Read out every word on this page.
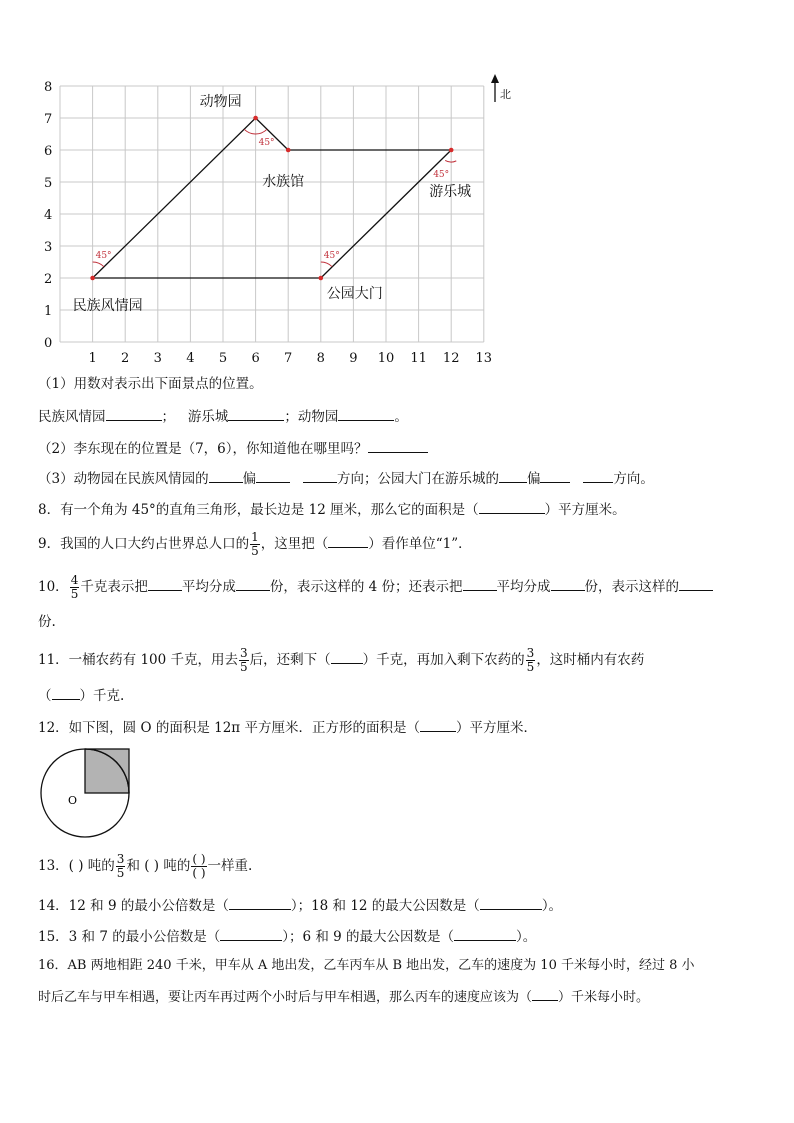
0
1
2
3
4
5
6
7
8
1 2 3 4 5 6 7 8 9 10 11 12 13
北
45°	45°
45°
45°
民族风情园
动物园
水族馆
游乐城
公园大门
（1）用数对表示出下面景点的位置。
民族风情园	； 游乐城	；动物园	。
（2）李东现在的位置是（7，6），你知道他在哪里吗？
（3）动物园在民族风情园的	偏	方向；公园大门在游乐城的 偏	方向。
8．有一个角为 45°的直角三角形，最长边是 12 厘米，那么它的面积是（	）平方厘米。
9．我国的人口大约占世界总人口的 $\frac{1}{5}$ ，这里把（	）看作单位“1”．
10． $\frac{4}{5}$ 千克表示把	平均分成	份，表示这样的 4 份；还表示把	平均分成	份，表示这样的
份.
11．一桶农药有 100 千克，用去 $\frac{3}{5}$ 后，还剩下（ ）千克，再加入剩下农药的 $\frac{3}{5}$ ，这时桶内有农药
（ ）千克.
12．如下图，圆 O 的面积是 12π 平方厘米．正方形的面积是（	）平方厘米．
O
13．( ) 吨的 $\frac{3}{5}$ 和 ( ) 吨的 $\frac{( )}{( )}$ 一样重.
14．12 和 9 的最小公倍数是（	）；18 和 12 的最大公因数是（	）。
15．3 和 7 的最小公倍数是（	）；6 和 9 的最大公因数是（	）。
16．AB 两地相距 240 千米，甲车从 A 地出发，乙车丙车从 B 地出发，乙车的速度为 10 千米每小时，经过 8 小
时后乙车与甲车相遇，要让丙车再过两个小时后与甲车相遇，那么丙车的速度应该为（ ）千米每小时。
